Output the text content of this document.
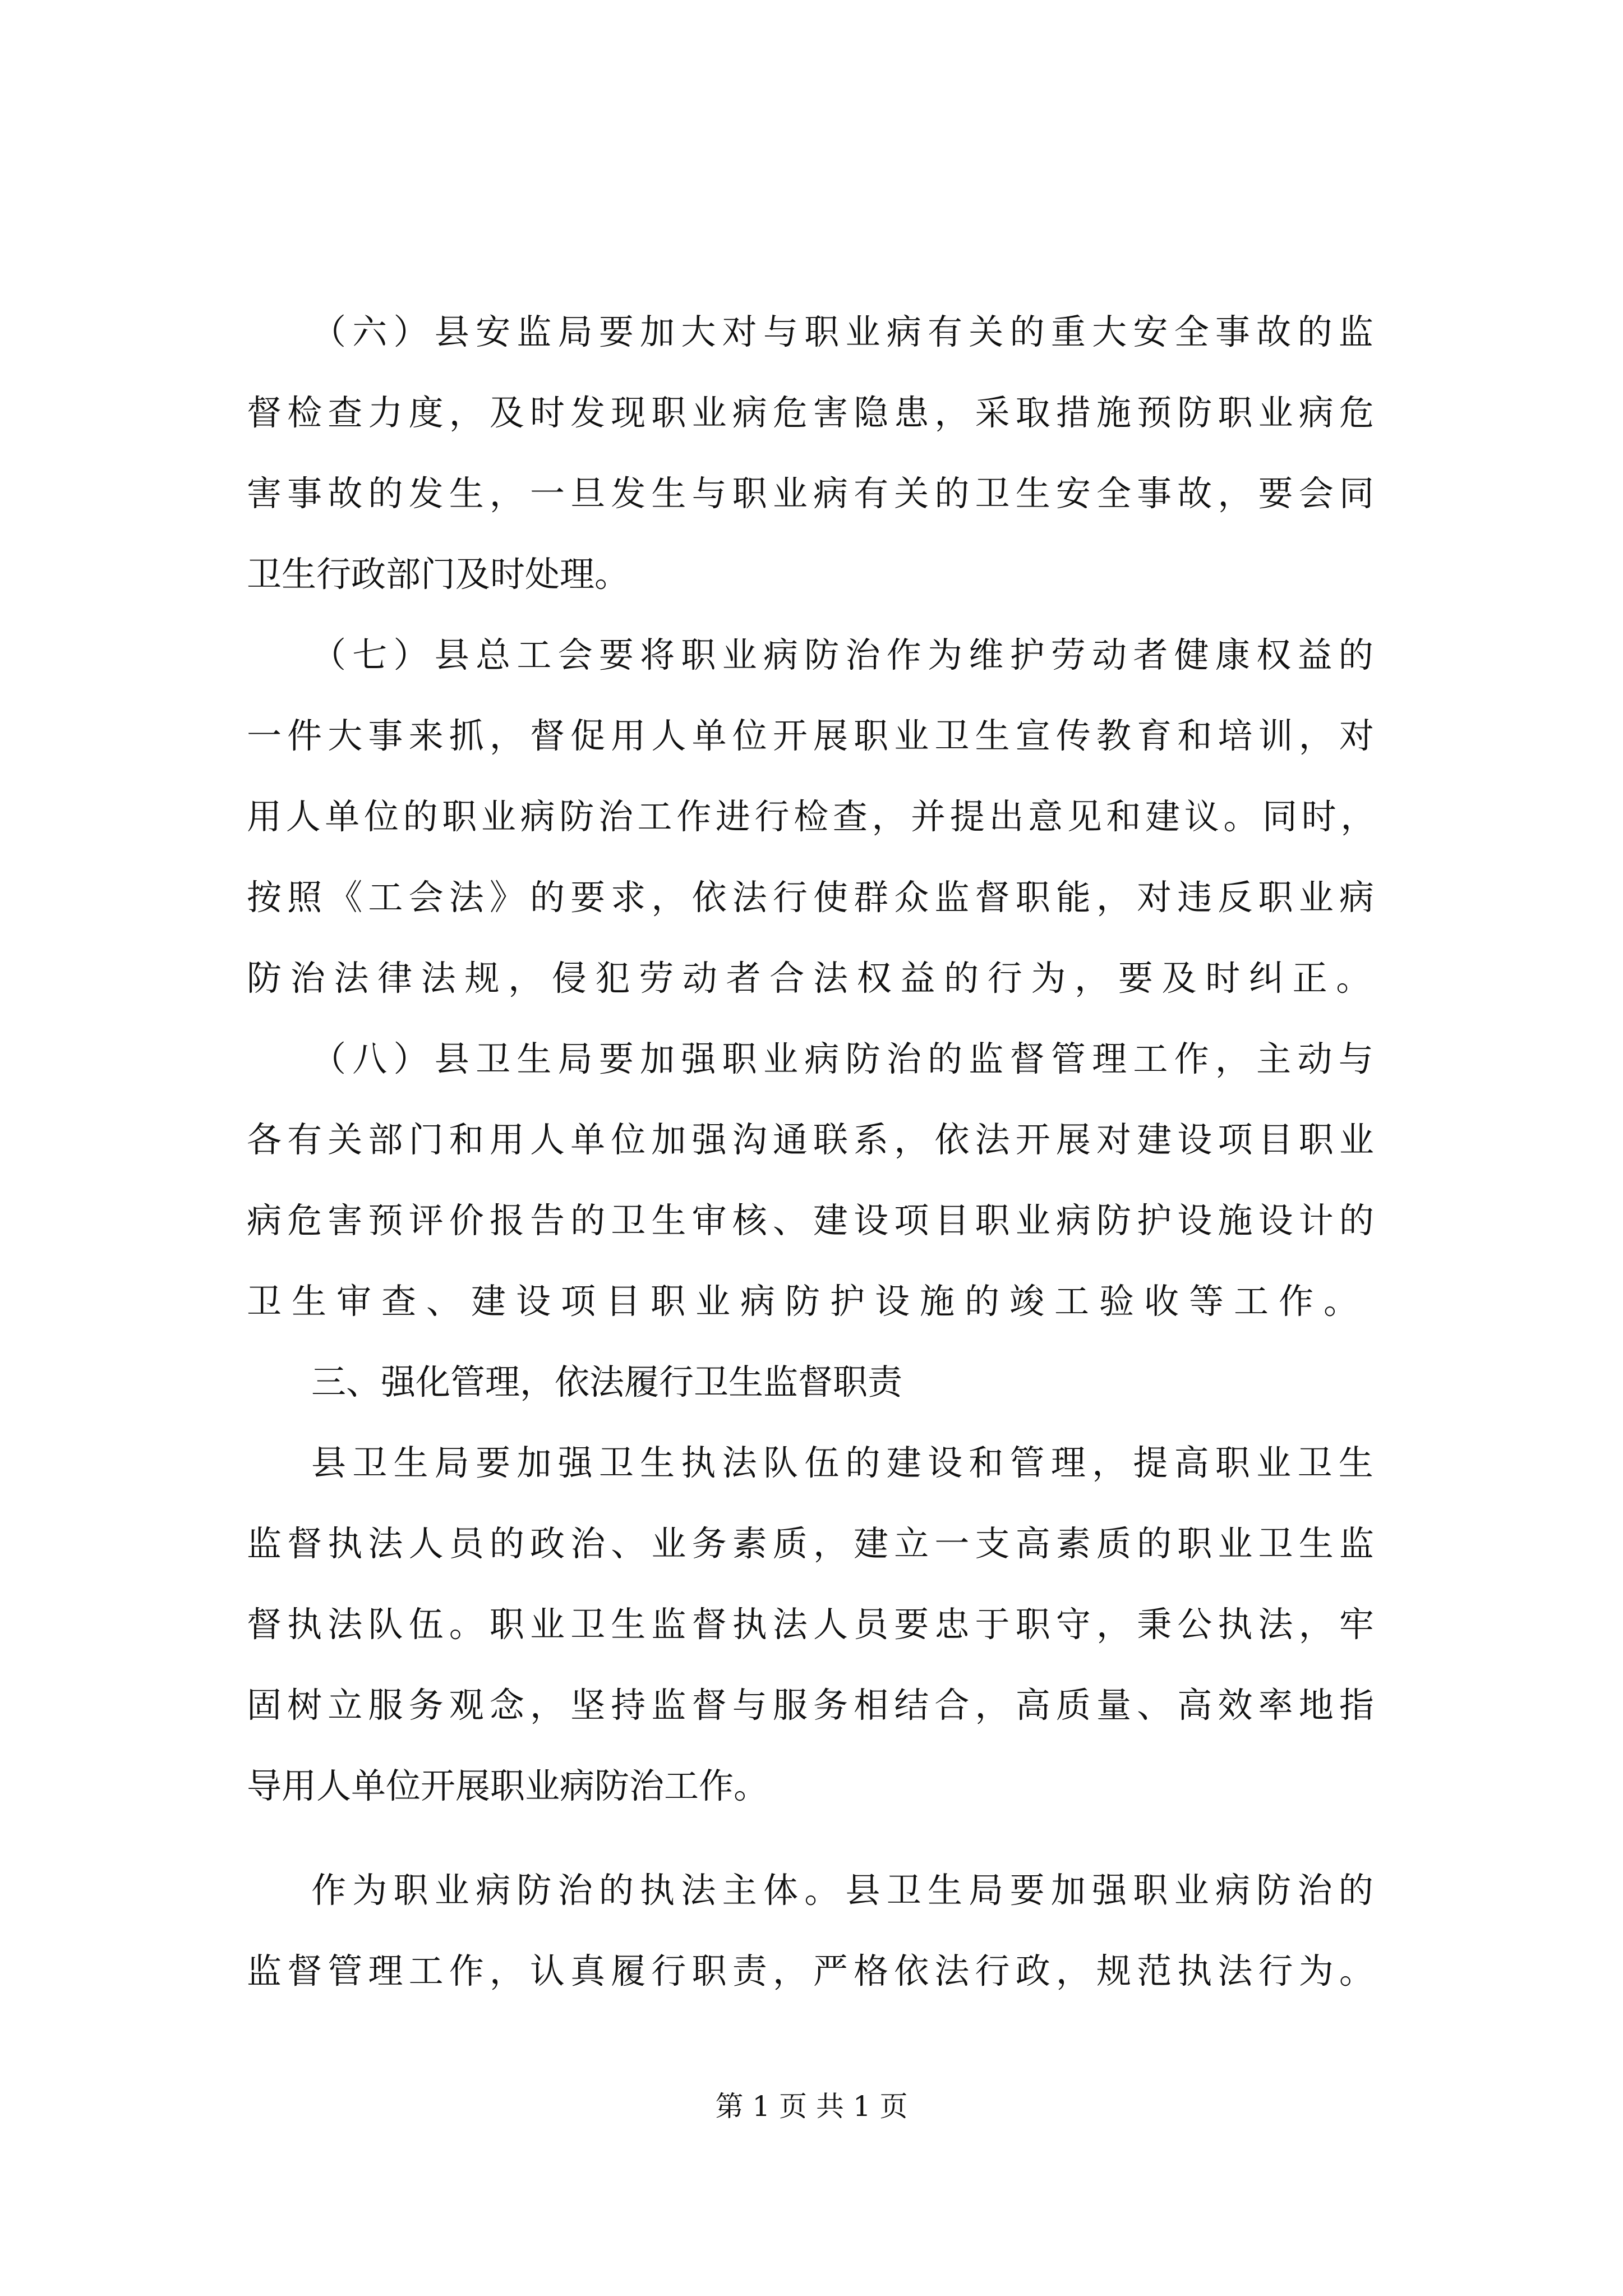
（六）县安监局要加大对与职业病有关的重大安全事故的监
督检查力度，及时发现职业病危害隐患，采取措施预防职业病危
害事故的发生，一旦发生与职业病有关的卫生安全事故，要会同
卫生行政部门及时处理。
（七）县总工会要将职业病防治作为维护劳动者健康权益的
一件大事来抓，督促用人单位开展职业卫生宣传教育和培训，对
用人单位的职业病防治工作进行检查，并提出意见和建议。同时，
按照《工会法》的要求，依法行使群众监督职能，对违反职业病
防治法律法规，侵犯劳动者合法权益的行为，要及时纠正。
（八）县卫生局要加强职业病防治的监督管理工作，主动与
各有关部门和用人单位加强沟通联系，依法开展对建设项目职业
病危害预评价报告的卫生审核、建设项目职业病防护设施设计的
卫生审查、建设项目职业病防护设施的竣工验收等工作。
三、强化管理，依法履行卫生监督职责
县卫生局要加强卫生执法队伍的建设和管理，提高职业卫生
监督执法人员的政治、业务素质，建立一支高素质的职业卫生监
督执法队伍。职业卫生监督执法人员要忠于职守，秉公执法，牢
固树立服务观念，坚持监督与服务相结合，高质量、高效率地指
导用人单位开展职业病防治工作。
作为职业病防治的执法主体。县卫生局要加强职业病防治的
监督管理工作，认真履行职责，严格依法行政，规范执法行为。
第 1 页 共 1 页
